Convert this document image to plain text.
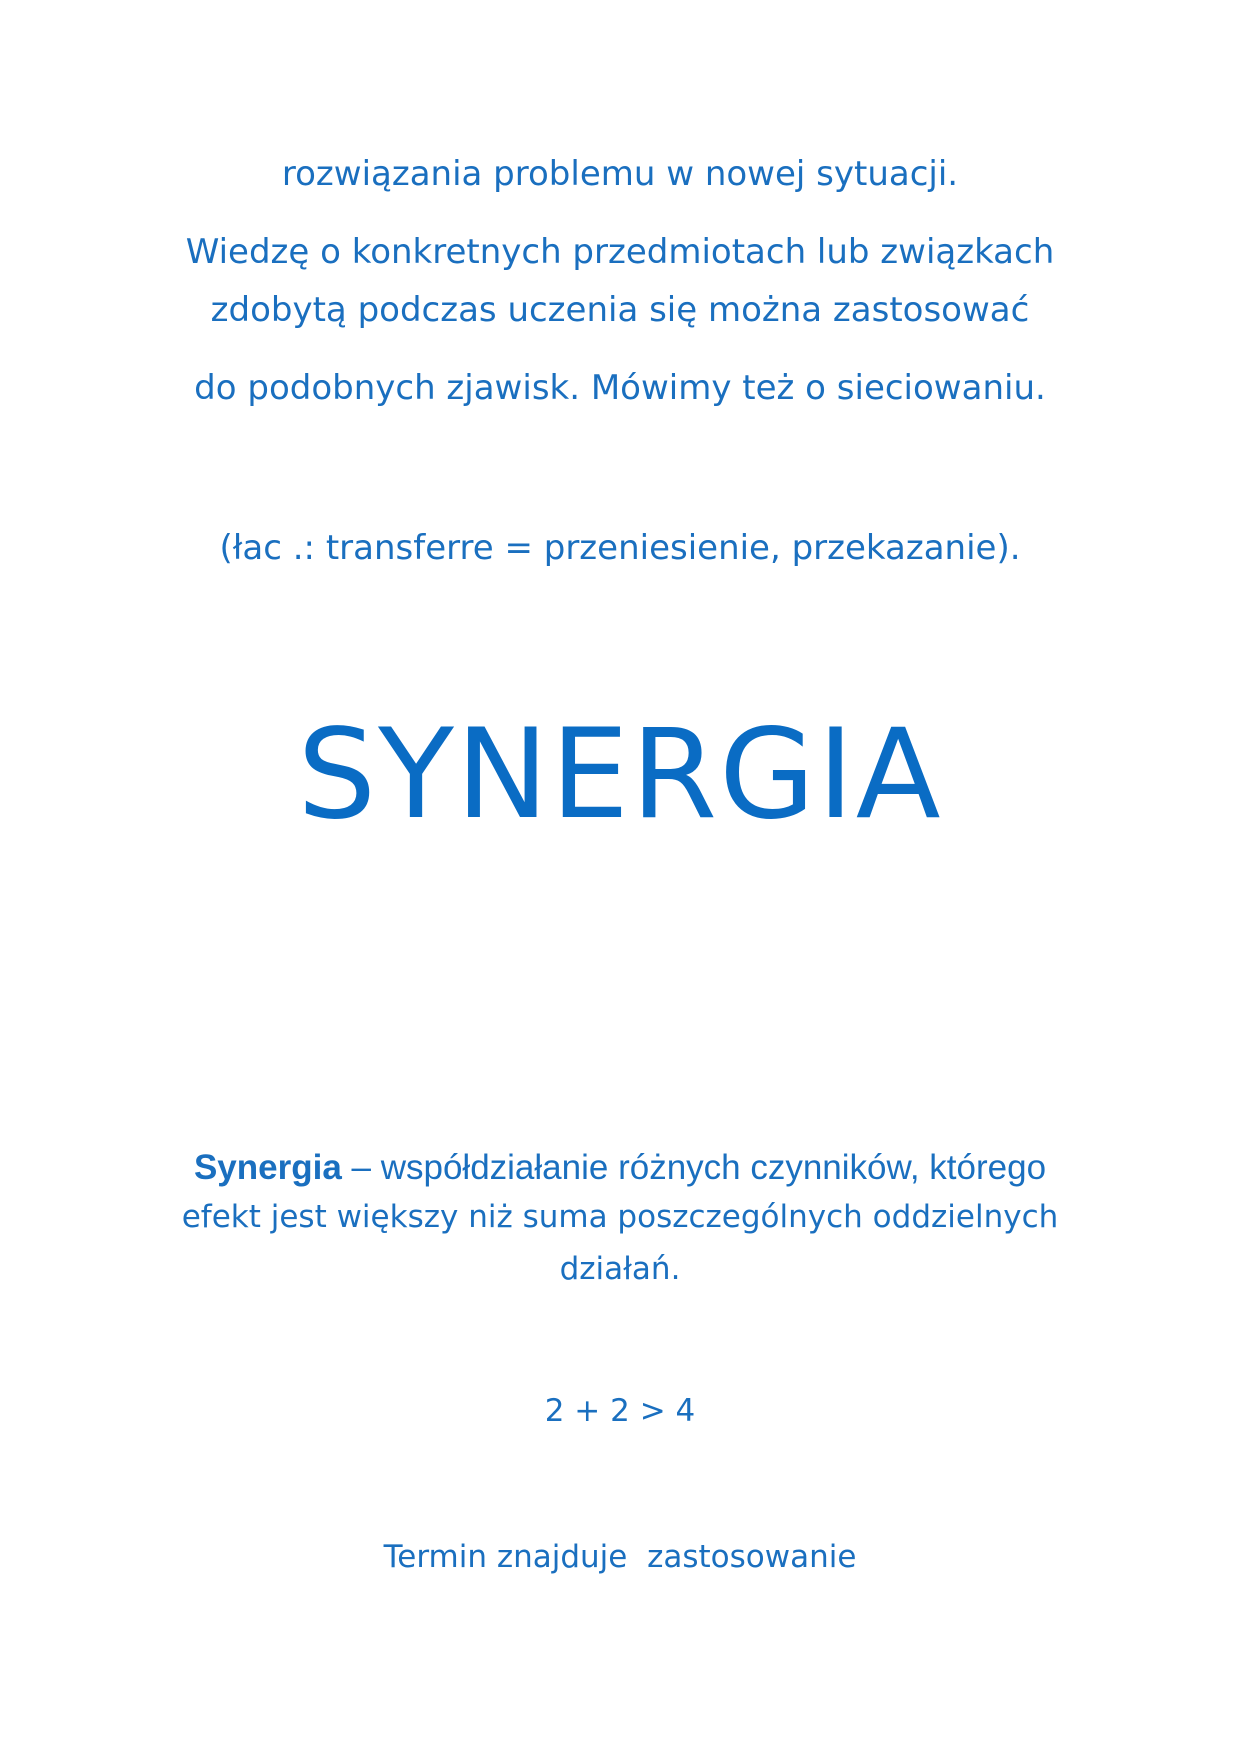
rozwiązania problemu w nowej sytuacji.
Wiedzę o konkretnych przedmiotach lub związkach
zdobytą podczas uczenia się można zastosować
do podobnych zjawisk. Mówimy też o sieciowaniu.
(łac .: transferre = przeniesienie, przekazanie).
SYNERGIA
Synergia – współdziałanie różnych czynników, którego
efekt jest większy niż suma poszczególnych oddzielnych
działań.
2 + 2 > 4
Termin znajduje  zastosowanie
